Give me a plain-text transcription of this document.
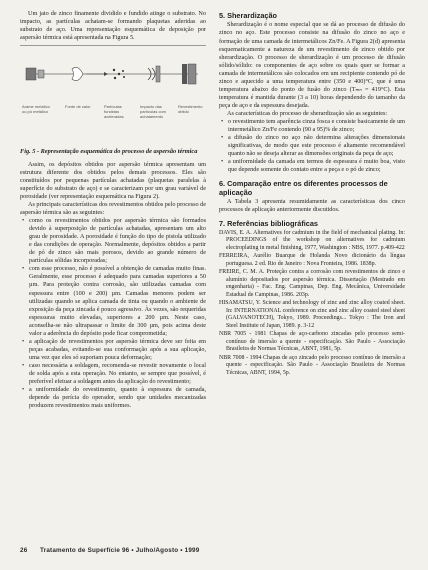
Um jato de zinco finamente dividido e fundido atinge o substrato. No impacto, as partículas achatam-se formando plaquetas aderidas ao substrato de aço. Uma representação esquemática de deposição por aspersão térmica está apresentada na Figura 5.

Arame metálico ou pó metálico
Fonte de calor	Partículas fundidas aceleradas
Impacto das partículas com achatamento
Revestimento obtido

Fig. 5 - Representação esquemática do processo de aspersão térmica

Assim, os depósitos obtidos por aspersão térmica apresentam um estrutura diferente dos obtidos pelos demais processos. Eles são constituídos por pequenas partículas achatadas (plaquetas paralelas à superfície do substrato de aço) e se caracterizam por um grau variável de porosidade (ver representação esquemática na Figura 2).

As principais características dos revestimentos obtidos pelo processo de aspersão térmica são as seguintes:

• como os revestimentos obtidos por aspersão térmica são formados devido à superposição de partículas achatadas, apresentam um alto grau de porosidade. A porosidade é função do tipo de pistola utilizado e das condições de operação. Normalmente, depósitos obtidos a partir de pó de zinco são mais porosos, devido ao grande número de partículas sólidas incorporadas;
• com esse processo, não é possível a obtenção de camadas muito finas. Geralmente, esse processo é adequado para camadas superiores a 50 µm. Para proteção contra corrosão, são utilizadas camadas com espessura entre (100 e 200) µm. Camadas menores podem ser utilizadas quando se aplica camada de tinta ou quando o ambiente de exposição da peça zincada é pouco agressivo. Às vezes, são requeridas espessuras muito elevadas, superiores a 200 µm. Neste caso, aconselha-se não ultrapassar o limite de 300 µm, pois acima deste valor a aderência do depósito pode ficar comprometida;
• a aplicação de revestimentos por aspersão térmica deve ser feita em peças acabadas, evitando-se sua conformação após a sua aplicação, uma vez que eles só suportam pouca deformação;
• caso necessária a soldagem, recomenda-se revestir novamente o local de solda após a esta operação. No entanto, se sempre que possível, é preferível efetuar a soldagem antes da aplicação do revestimento;
• a uniformidade do revestimento, quanto à espessura de camada, depende da perícia do operador, sendo que unidades mecanizadas produzem revestimentos mais uniformes.
5. Sherardização

Sherardização é o nome especial que se dá ao processo de difusão do zinco no aço. Este processo consiste na difusão do zinco no aço e formação de uma camada de intermetálicos Zn/Fe. A Figura 2(d) apresenta esquematicamente a natureza de um revestimento de zinco obtido por sherardização. O processo de sherardização é um processo de difusão sólido/sólido: os componentes de aço sobre os quais quer se formar a camada de intermetálicos são colocados em um recipiente contendo pó de zinco e aquecido a uma temperatura entre (350 e 400)°C, que é uma temperatura abaixo do ponto de fusão do zinco (Tₘₙ = 419°C). Esta temperatura é mantida durante (3 a 10) horas dependendo do tamanho da peça de aço e da espessura desejada.

As características do processo de sherardização são as seguintes:

• o revestimento tem aparência cinza fosca e consiste basicamente de um intermetálico Zn/Fe contendo (90 a 95)% de zinco;
• a difusão do zinco no aço não determina alterações dimensionais significativas, de modo que este processo é altamente recomendável quanto não se deseja alterar as dimensões originais da peça de aço;
• a uniformidade da camada em termos de espessura é muito boa, visto que depende somente do contato entre a peça e o pó de zinco;
6. Comparação entre os diferentes processos de aplicação

A Tabela 3 apresenta resumidamente as características dos cinco processos de aplicação anteriormente discutidos.

7. Referências bibliográficas

DAVIS, E. A. Alternatives for cadmium in the field of mechanical plating. In: PROCEEDINGS of the workshop on alternatives for cadmium electroplating in metal finishing, 1977, Washington : NBS, 1977. p.409-422

FERREIRA, Aurélio Buarque de Holanda Novo dicionário da língua portuguesa. 2 ed. Rio de Janeiro : Nova Fronteira, 1986. 1838p.

FREIRE, C. M. A. Proteção contra a corrosão com revestimentos de zinco e alumínio depositados por aspersão térmica. Dissertação (Mestrado em engenharia) - Fac. Eng. Campinas, Dep. Eng. Mecânica, Universidade Estadual de Campinas, 1986. 203p.

HISAMATSU, Y. Science and technology of zinc and zinc alloy coated sheet. In: INTERNATIONAL conference on zinc and zinc alloy coated steel sheet (GALVANOTECH), Tokyo, 1989. Proceedings... Tokyo : The Iron and Steel Institute of Japan, 1989. p. 3-12

NBR 7005 - 1981 Chapas de aço-carbono zincadas pelo processo semi-contínuo de imersão a quente - especificação. São Paulo - Associação Brasileira de Normas Técnicas, ABNT, 1981, 5p.

NBR 7008 - 1994 Chapas de aço zincado pelo processo contínuo de imersão a quente - especificação. São Paulo - Associação Brasileira de Normas Técnicas, ABNT, 1994, 5p.

26 Tratamento de Superfície 96 • Julho/Agosto • 1999
